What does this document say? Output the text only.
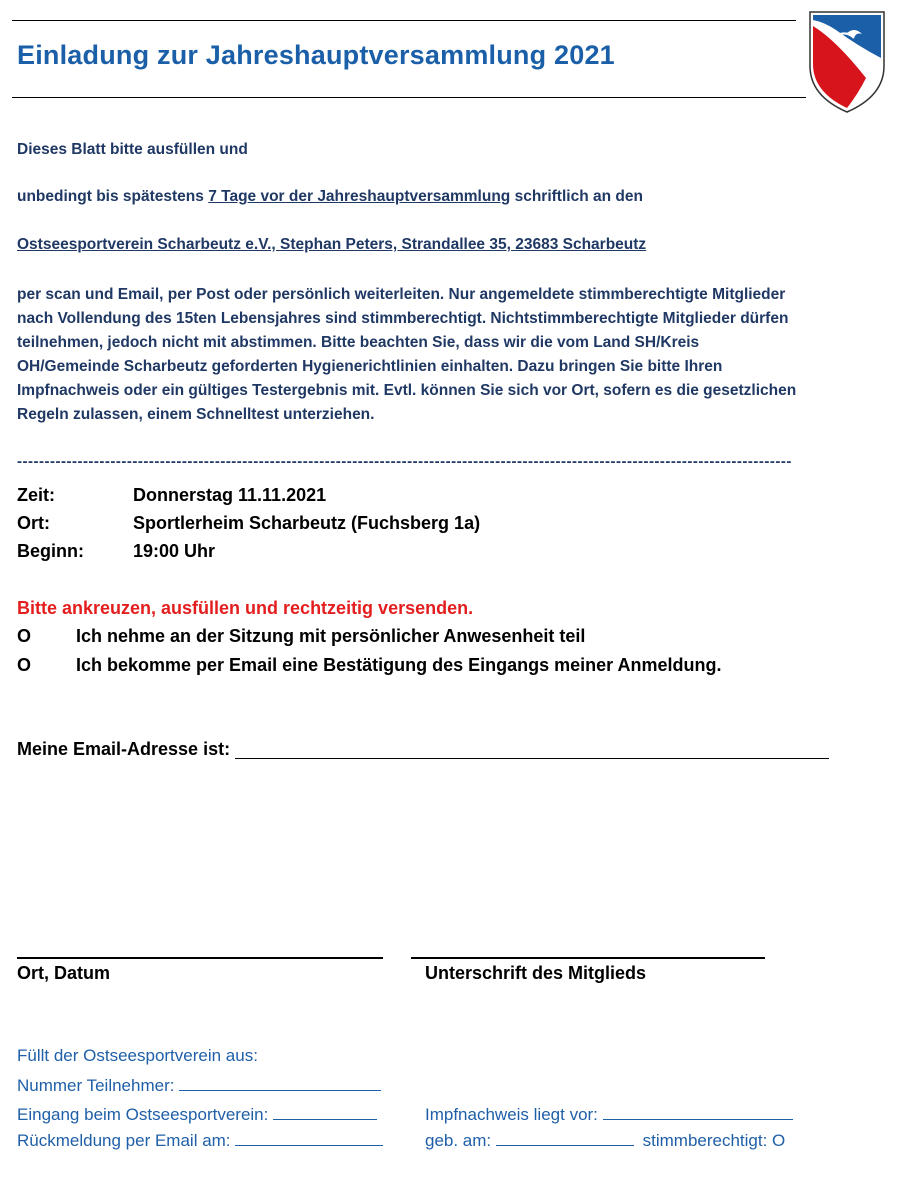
Einladung zur Jahreshauptversammlung 2021
Dieses Blatt bitte ausfüllen und
unbedingt bis spätestens 7 Tage vor der Jahreshauptversammlung schriftlich an den
Ostseesportverein Scharbeutz e.V., Stephan Peters, Strandallee 35, 23683 Scharbeutz
per scan und Email, per Post oder persönlich weiterleiten. Nur angemeldete stimmberechtigte Mitglieder
nach Vollendung des 15ten Lebensjahres sind stimmberechtigt. Nichtstimmberechtigte Mitglieder dürfen
teilnehmen, jedoch nicht mit abstimmen. Bitte beachten Sie, dass wir die vom Land SH/Kreis
OH/Gemeinde Scharbeutz geforderten Hygienerichtlinien einhalten. Dazu bringen Sie bitte Ihren
Impfnachweis oder ein gültiges Testergebnis mit. Evtl. können Sie sich vor Ort, sofern es die gesetzlichen
Regeln zulassen, einem Schnelltest unterziehen.
---------------------------------------------------------------------------------------------------------------------------------------------
Zeit:	Donnerstag 11.11.2021
Ort:	Sportlerheim Scharbeutz (Fuchsberg 1a)
Beginn:	19:00 Uhr
Bitte ankreuzen, ausfüllen und rechtzeitig versenden.
O Ich nehme an der Sitzung mit persönlicher Anwesenheit teil
O Ich bekomme per Email eine Bestätigung des Eingangs meiner Anmeldung.
Meine Email-Adresse ist:
Ort, Datum	Unterschrift des Mitglieds
Füllt der Ostseesportverein aus:
Nummer Teilnehmer:
Eingang beim Ostseesportverein:	Impfnachweis liegt vor:
Rückmeldung per Email am:	geb. am:	stimmberechtigt: O
